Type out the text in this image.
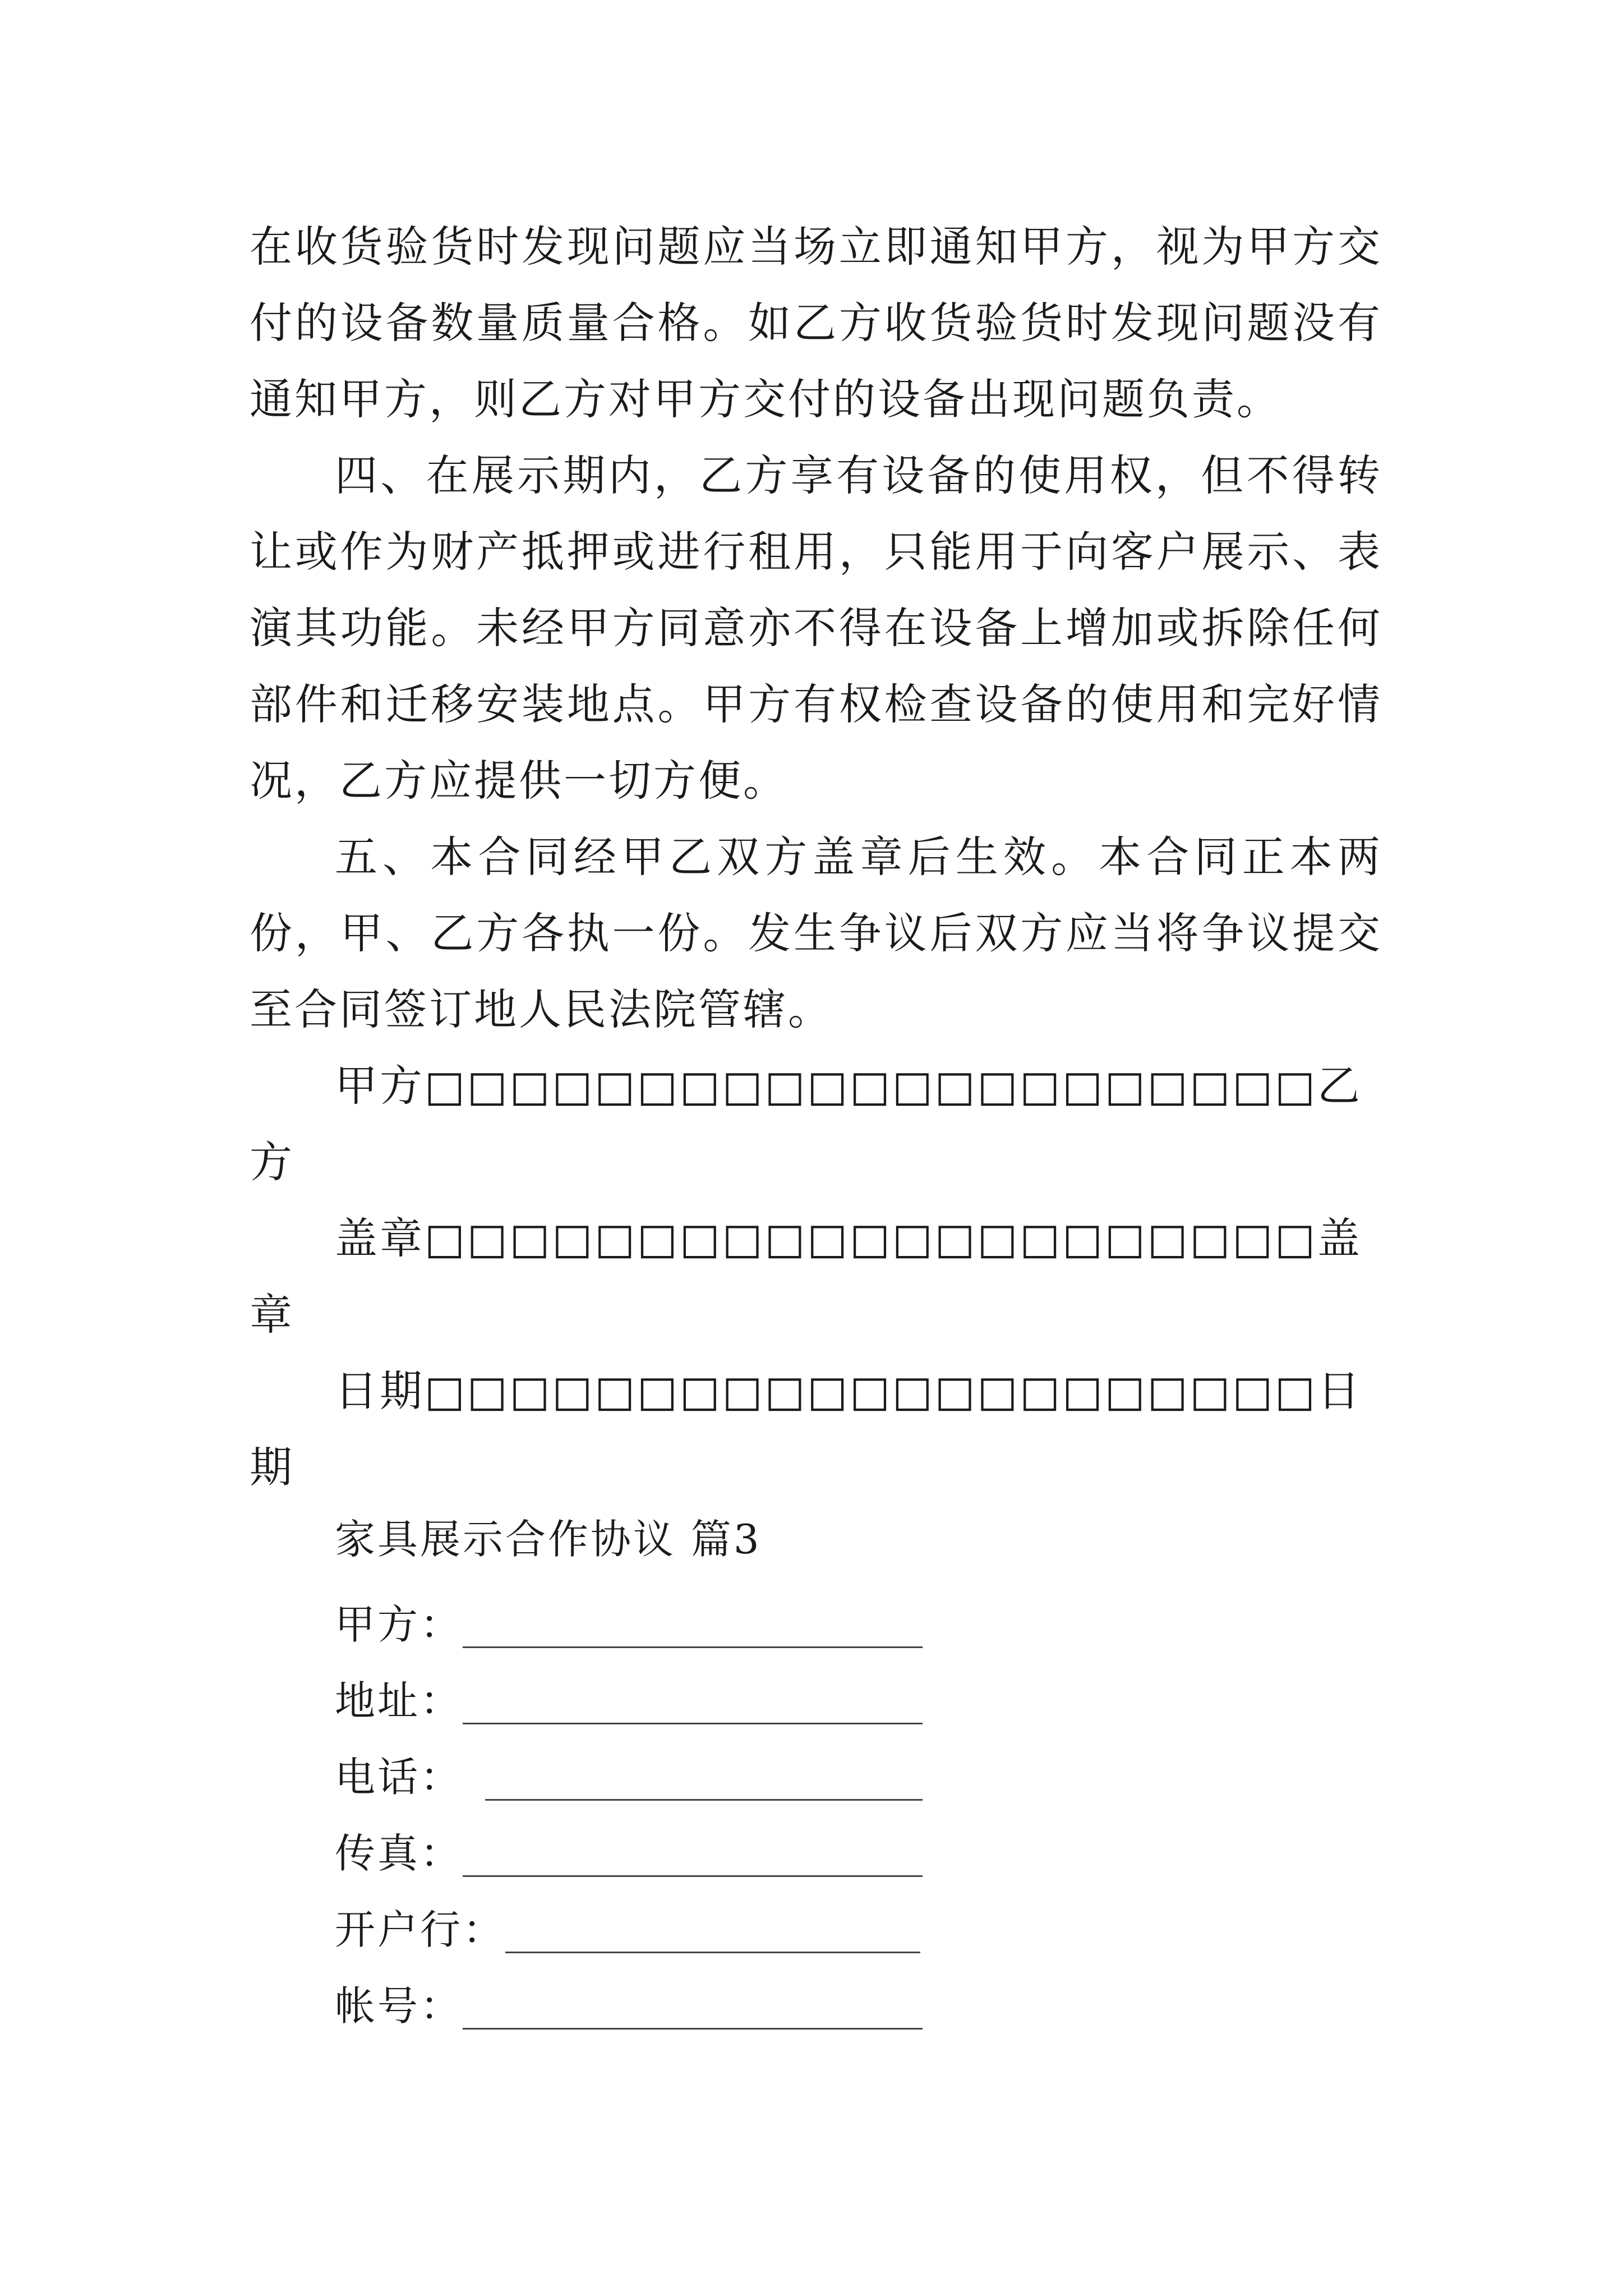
在收货验货时发现问题应当场立即通知甲方，视为甲方交付的设备数量质量合格。如乙方收货验货时发现问题没有通知甲方，则乙方对甲方交付的设备出现问题负责。

四、在展示期内，乙方享有设备的使用权，但不得转让或作为财产抵押或进行租用，只能用于向客户展示、表演其功能。未经甲方同意亦不得在设备上增加或拆除任何部件和迁移安装地点。甲方有权检查设备的使用和完好情况，乙方应提供一切方便。

五、本合同经甲乙双方盖章后生效。本合同正本两份，甲、乙方各执一份。发生争议后双方应当将争议提交至合同签订地人民法院管辖。

甲方□□□□□□□□□□□□□□□□□□□□□乙方
盖章□□□□□□□□□□□□□□□□□□□□□盖章
日期□□□□□□□□□□□□□□□□□□□□□日期
家具展示合作协议 篇3
甲方：
地址：
电话：
传真：
开户行：
帐号：
